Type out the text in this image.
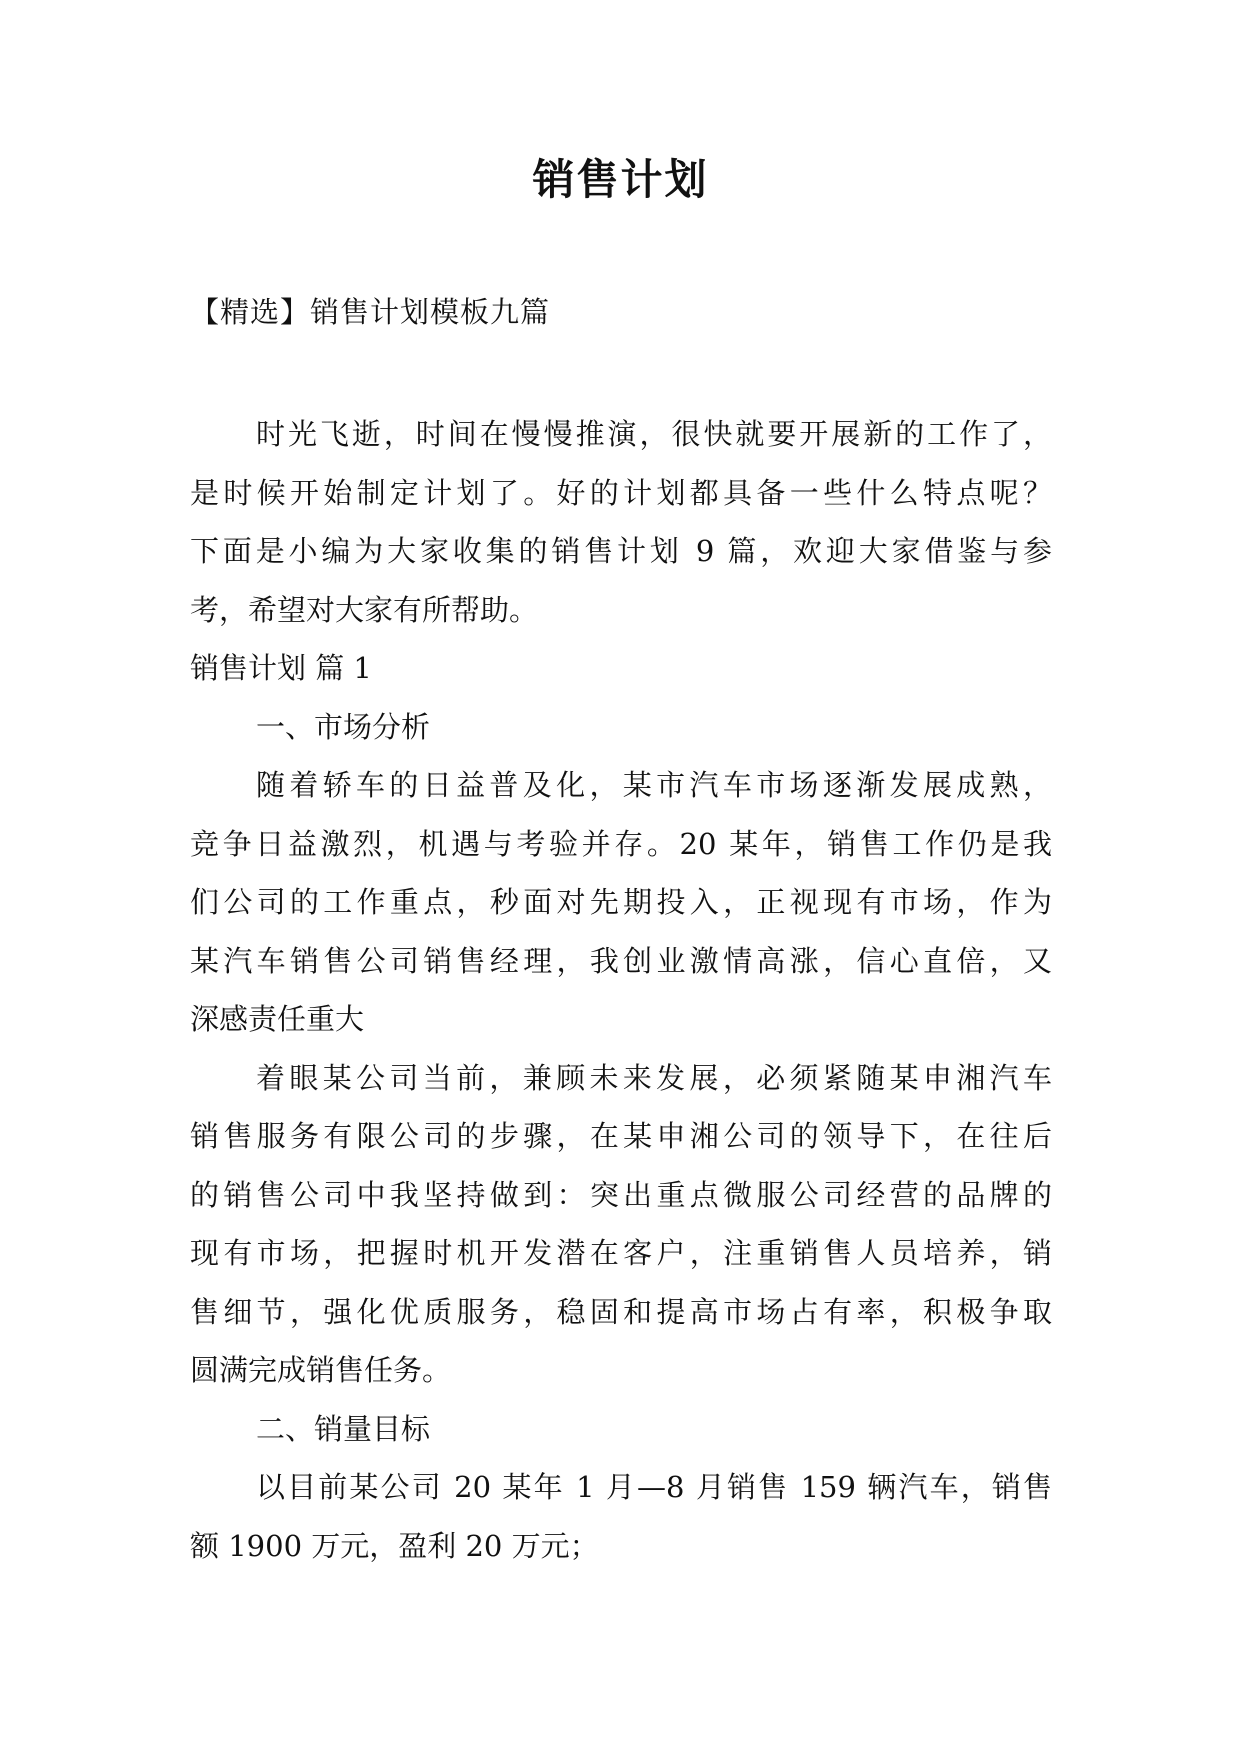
销售计划
【精选】销售计划模板九篇
时光飞逝，时间在慢慢推演，很快就要开展新的工作了，
是时候开始制定计划了。好的计划都具备一些什么特点呢？
下面是小编为大家收集的销售计划 9 篇，欢迎大家借鉴与参
考，希望对大家有所帮助。
销售计划 篇 1
一、市场分析
随着轿车的日益普及化，某市汽车市场逐渐发展成熟，
竞争日益激烈，机遇与考验并存。20 某年，销售工作仍是我
们公司的工作重点，秒面对先期投入，正视现有市场，作为
某汽车销售公司销售经理，我创业激情高涨，信心直倍，又
深感责任重大
着眼某公司当前，兼顾未来发展，必须紧随某申湘汽车
销售服务有限公司的步骤，在某申湘公司的领导下，在往后
的销售公司中我坚持做到：突出重点微服公司经营的品牌的
现有市场，把握时机开发潜在客户，注重销售人员培养，销
售细节，强化优质服务，稳固和提高市场占有率，积极争取
圆满完成销售任务。
二、销量目标
以目前某公司 20 某年 1 月—8 月销售 159 辆汽车，销售
额 1900 万元，盈利 20 万元；
